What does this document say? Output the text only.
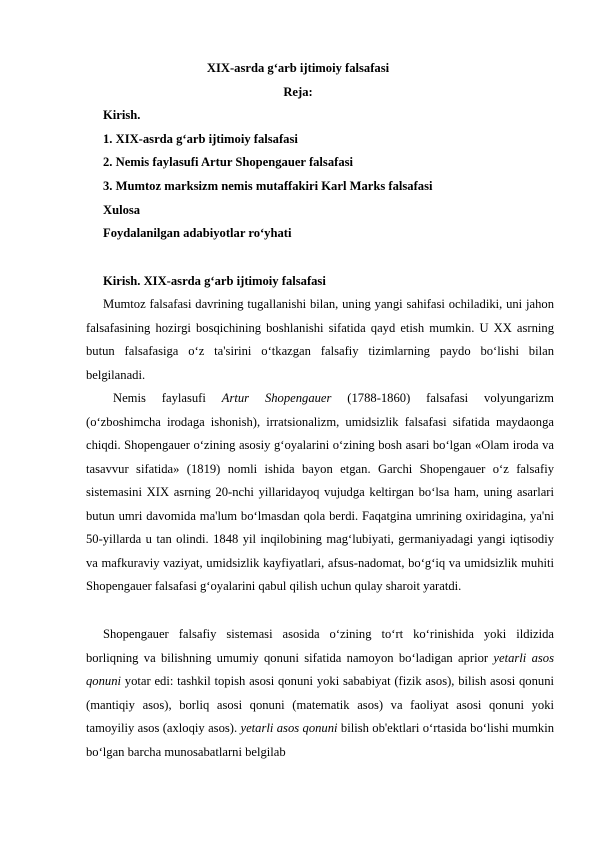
XIX-asrda g‘arb ijtimoiy falsafasi
Reja:
Kirish.
1. XIX-asrda g‘arb ijtimoiy falsafasi
2. Nemis faylasufi Artur Shopengauer falsafasi
3. Mumtoz marksizm nemis mutaffakiri Karl Marks falsafasi
Xulosa
Foydalanilgan adabiyotlar ro‘yhati
Kirish. XIX-asrda g‘arb ijtimoiy falsafasi

Mumtoz falsafasi davrining tugallanishi bilan, uning yangi sahifasi ochiladiki, uni jahon falsafasining hozirgi bosqichining boshlanishi sifatida qayd etish mumkin. U XX asrning butun falsafasiga o‘z ta'sirini o‘tkazgan falsafiy tizimlarning paydo bo‘lishi bilan belgilanadi.

Nemis faylasufi Artur Shopengauer (1788-1860) falsafasi volyungarizm (o‘zboshimcha irodaga ishonish), irratsionalizm, umidsizlik falsafasi sifatida maydaonga chiqdi. Shopengauer o‘zining asosiy g‘oyalarini o‘zining bosh asari bo‘lgan «Olam iroda va tasavvur sifatida» (1819) nomli ishida bayon etgan. Garchi Shopengauer o‘z falsafiy sistemasini XIX asrning 20-nchi yillaridayoq vujudga keltirgan bo‘lsa ham, uning asarlari butun umri davomida ma'lum bo‘lmasdan qola berdi. Faqatgina umrining oxiridagina, ya'ni 50-yillarda u tan olindi. 1848 yil inqilobining mag‘lubiyati, germaniyadagi yangi iqtisodiy va mafkuraviy vaziyat, umidsizlik kayfiyatlari, afsus-nadomat, bo‘g‘iq va umidsizlik muhiti Shopengauer falsafasi g‘oyalarini qabul qilish uchun qulay sharoit yaratdi.

Shopengauer falsafiy sistemasi asosida o‘zining to‘rt ko‘rinishida yoki ildizida borliqning va bilishning umumiy qonuni sifatida namoyon bo‘ladigan aprior yetarli asos qonuni yotar edi: tashkil topish asosi qonuni yoki sababiyat (fizik asos), bilish asosi qonuni (mantiqiy asos), borliq asosi qonuni (matematik asos) va faoliyat asosi qonuni yoki tamoyiliy asos (axloqiy asos). yetarli asos qonuni bilish ob'ektlari o‘rtasida bo‘lishi mumkin bo‘lgan barcha munosabatlarni belgilab
